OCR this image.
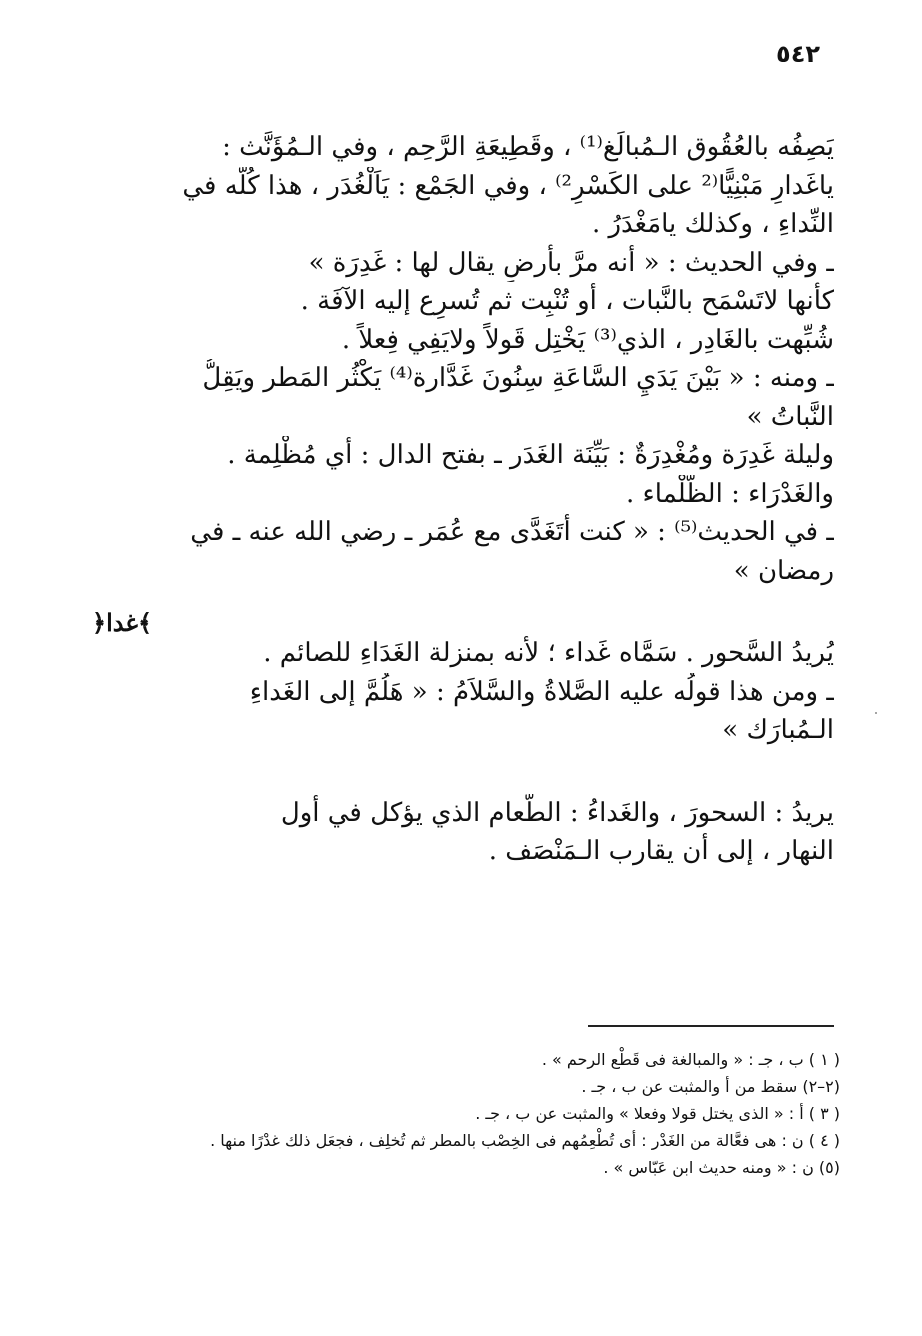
٥٤٢
يَصِفُه بالعُقُوق الـمُبالَغ⁽¹⁾ ، وقَطِيعَةِ الرَّحِم ، وفي الـمُؤَنَّث :
ياغَدارِ مَبْنِيًّا⁽² على الكَسْرِ²⁾ ، وفي الجَمْع : يَاَلْغُدَر ، هذا كُلُّه في
النِّداءِ ، وكذلك يامَغْدَرُ .
ـ وفي الحديث : « أنه مرَّ بأَرضٍ يقال لها : غَدِرَة »
كأنها لاتَسْمَح بالنَّبات ، أو تُنْبِت ثم تُسرِع إليه الآفَة .
شُبِّهت بالغَادِر ، الذي⁽³⁾ يَخْتِل قَولاً ولايَفِي فِعلاً .
ـ ومنه : « بَيْنَ يَدَيِ السَّاعَةِ سِنُونَ غَدَّارة⁽⁴⁾ يَكْثُر المَطر ويَقِلُّ
النَّباتُ »
وليلة غَدِرَة ومُغْدِرَةٌ : بَيِّنَة الغَدَر ـ بفتح الدال : أي مُظْلِمة .
والغَدْرَاء : الظَّلْماء .
ـ في الحديث⁽⁵⁾ : « كنت أَتَغَدَّى مع عُمَر ـ رضي الله عنه ـ في
رمضان »
يُريدُ السَّحور . سَمَّاه غَداء ؛ لأنه بمنزلة الغَدَاءِ للصائم .
ـ ومن هذا قولُه عليه الصَّلاةُ والسَّلاَمُ : « هَلُمَّ إلى الغَداءِ
الـمُبارَك »
يريدُ : السحورَ ، والغَداءُ : الطَّعام الذي يؤكل في أول
النهار ، إلى أن يقارب الـمَنْصَف .
﴿غدا﴾
( ١ ) ب ، جـ : « والمبالغة فى قَطْع الرحم » .
(٢–٢) سقط من أ والمثبت عن ب ، جـ .
( ٣ ) أ : « الذى يختل قولا وفعلا » والمثبت عن ب ، جـ .
( ٤ ) ن : هى فعَّالة من الغَدْر : أى تُطْعِمُهم فى الخِصْب بالمطر ثم تُخلِف ، فجعَل ذلك غدْرًا منها .
(٥) ن : « ومنه حديث ابن عَبّاس » .
